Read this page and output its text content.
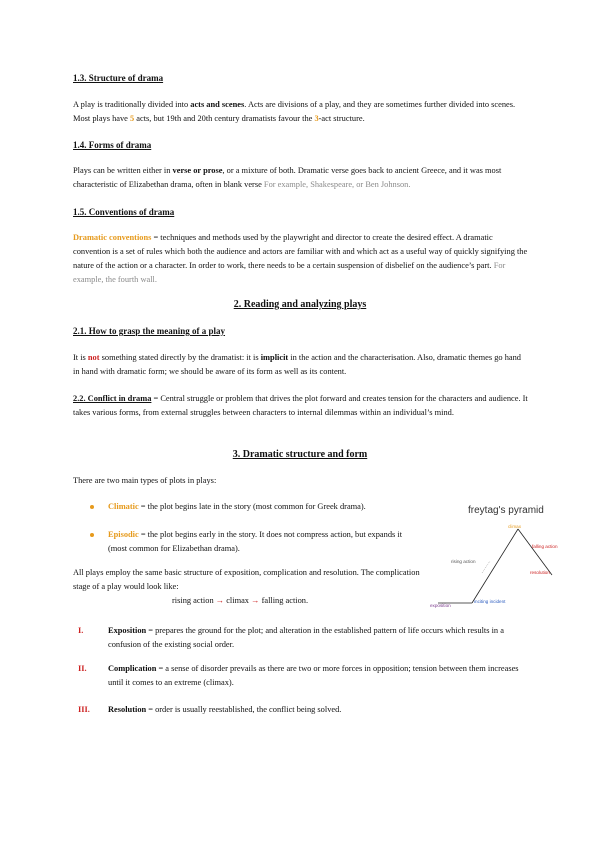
1.3. Structure of drama
A play is traditionally divided into acts and scenes. Acts are divisions of a play, and they are sometimes further divided into scenes. Most plays have 5 acts, but 19th and 20th century dramatists favour the 3-act structure.
1.4. Forms of drama
Plays can be written either in verse or prose, or a mixture of both. Dramatic verse goes back to ancient Greece, and it was most characteristic of Elizabethan drama, often in blank verse For example, Shakespeare, or Ben Johnson.
1.5. Conventions of drama
Dramatic conventions = techniques and methods used by the playwright and director to create the desired effect. A dramatic convention is a set of rules which both the audience and actors are familiar with and which act as a useful way of quickly signifying the nature of the action or a character. In order to work, there needs to be a certain suspension of disbelief on the audience’s part. For example, the fourth wall.
2. Reading and analyzing plays
2.1. How to grasp the meaning of a play
It is not something stated directly by the dramatist: it is implicit in the action and the characterisation. Also, dramatic themes go hand in hand with dramatic form; we should be aware of its form as well as its content.
2.2. Conflict in drama = Central struggle or problem that drives the plot forward and creates tension for the characters and audience. It takes various forms, from external struggles between characters to internal dilemmas within an individual’s mind.
3. Dramatic structure and form
There are two main types of plots in plays:
Climatic = the plot begins late in the story (most common for Greek drama).
Episodic = the plot begins early in the story. It does not compress action, but expands it (most common for Elizabethan drama).
All plays employ the same basic structure of exposition, complication and resolution. The complication stage of a play would look like:
rising action → climax → falling action.
I.	Exposition = prepares the ground for the plot; and alteration in the established pattern of life occurs which results in a confusion of the existing social order.
II.	Complication = a sense of disorder prevails as there are two or more forces in opposition; tension between them increases until it comes to an extreme (climax).
III.	Resolution = order is usually reestablished, the conflict being solved.
freytag's pyramid
climax
falling action
rising action
resolution
exposition
inciting incident
